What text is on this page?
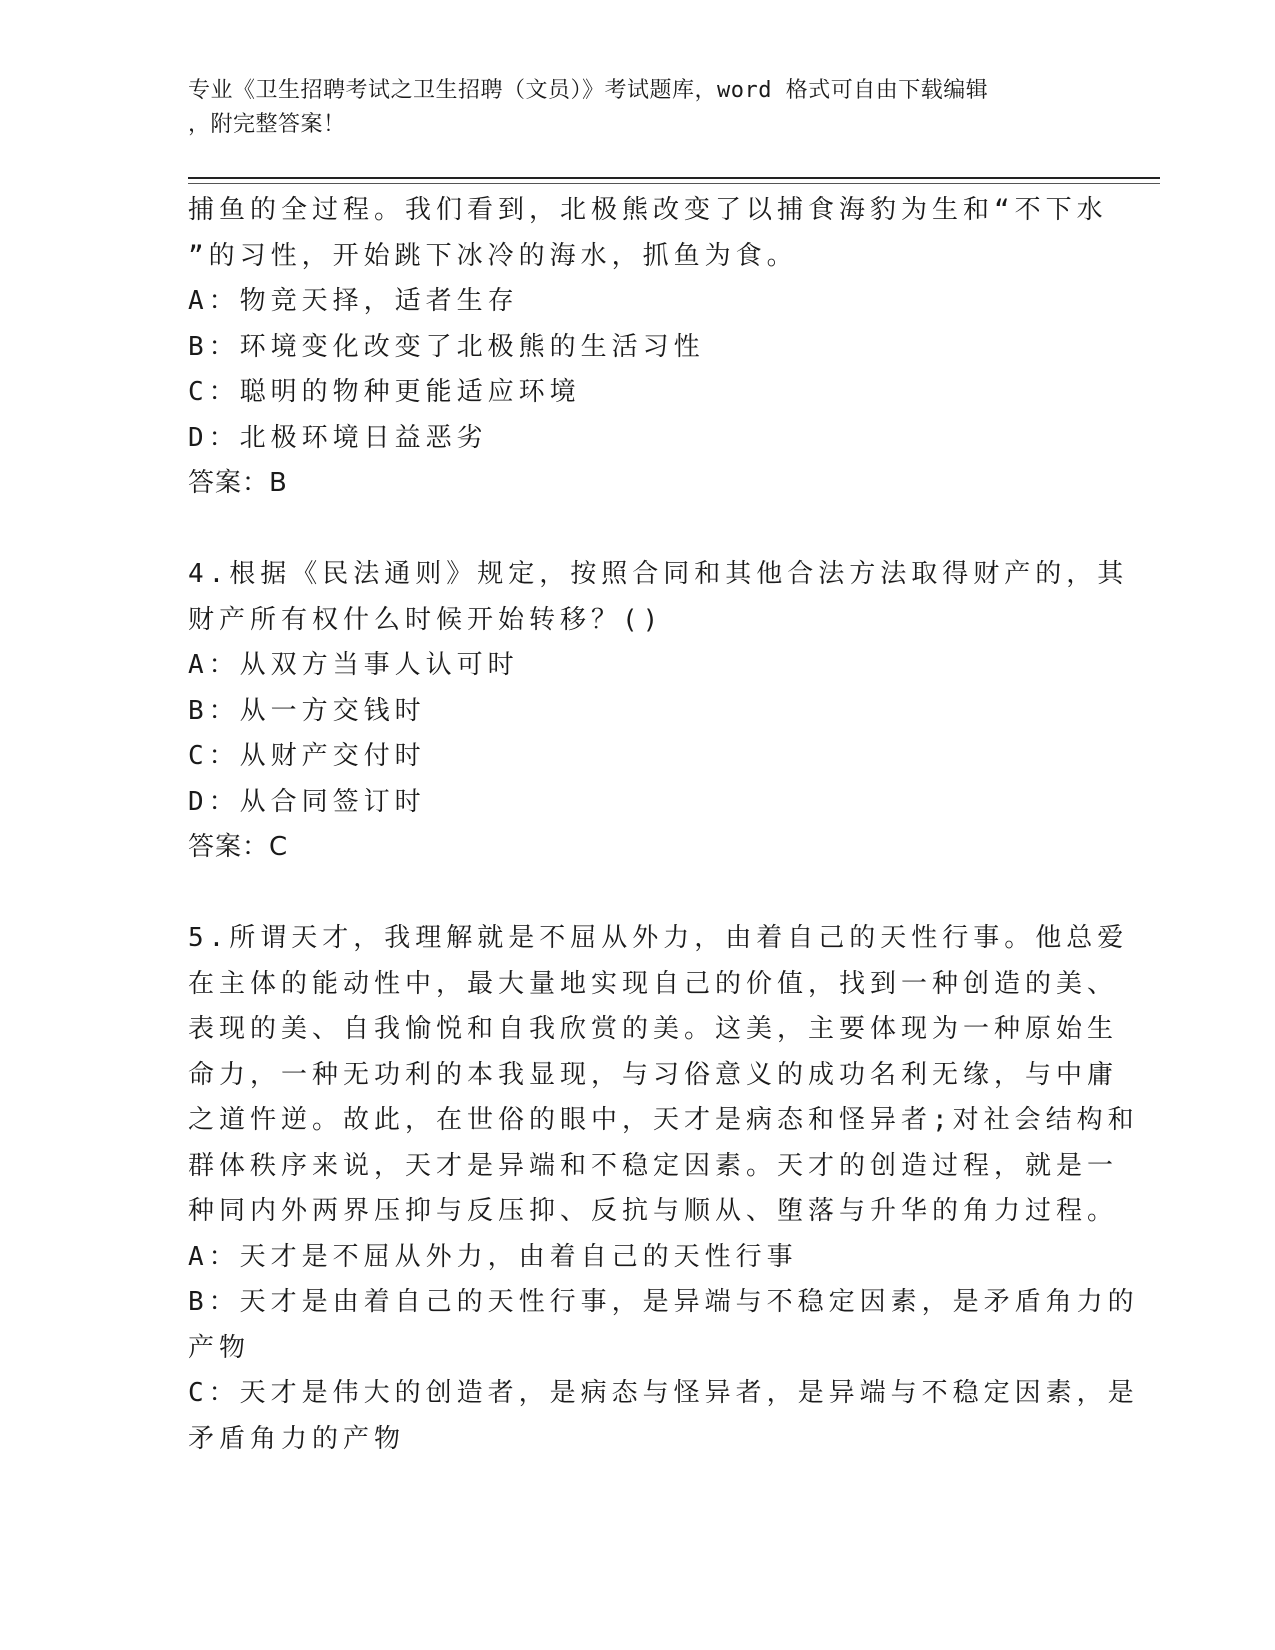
专业《卫生招聘考试之卫生招聘（文员）》考试题库，word 格式可自由下载编辑
，附完整答案！
捕鱼的全过程。我们看到，北极熊改变了以捕食海豹为生和“不下水
”的习性，开始跳下冰冷的海水，抓鱼为食。
A：物竞天择，适者生存
B：环境变化改变了北极熊的生活习性
C：聪明的物种更能适应环境
D：北极环境日益恶劣
答案：B
4.根据《民法通则》规定，按照合同和其他合法方法取得财产的，其
财产所有权什么时候开始转移？()
A：从双方当事人认可时
B：从一方交钱时
C：从财产交付时
D：从合同签订时
答案：C
5.所谓天才，我理解就是不屈从外力，由着自己的天性行事。他总爱
在主体的能动性中，最大量地实现自己的价值，找到一种创造的美、
表现的美、自我愉悦和自我欣赏的美。这美，主要体现为一种原始生
命力，一种无功利的本我显现，与习俗意义的成功名利无缘，与中庸
之道忤逆。故此，在世俗的眼中，天才是病态和怪异者;对社会结构和
群体秩序来说，天才是异端和不稳定因素。天才的创造过程，就是一
种同内外两界压抑与反压抑、反抗与顺从、堕落与升华的角力过程。
A：天才是不屈从外力，由着自己的天性行事
B：天才是由着自己的天性行事，是异端与不稳定因素，是矛盾角力的
产物
C：天才是伟大的创造者，是病态与怪异者，是异端与不稳定因素，是
矛盾角力的产物
